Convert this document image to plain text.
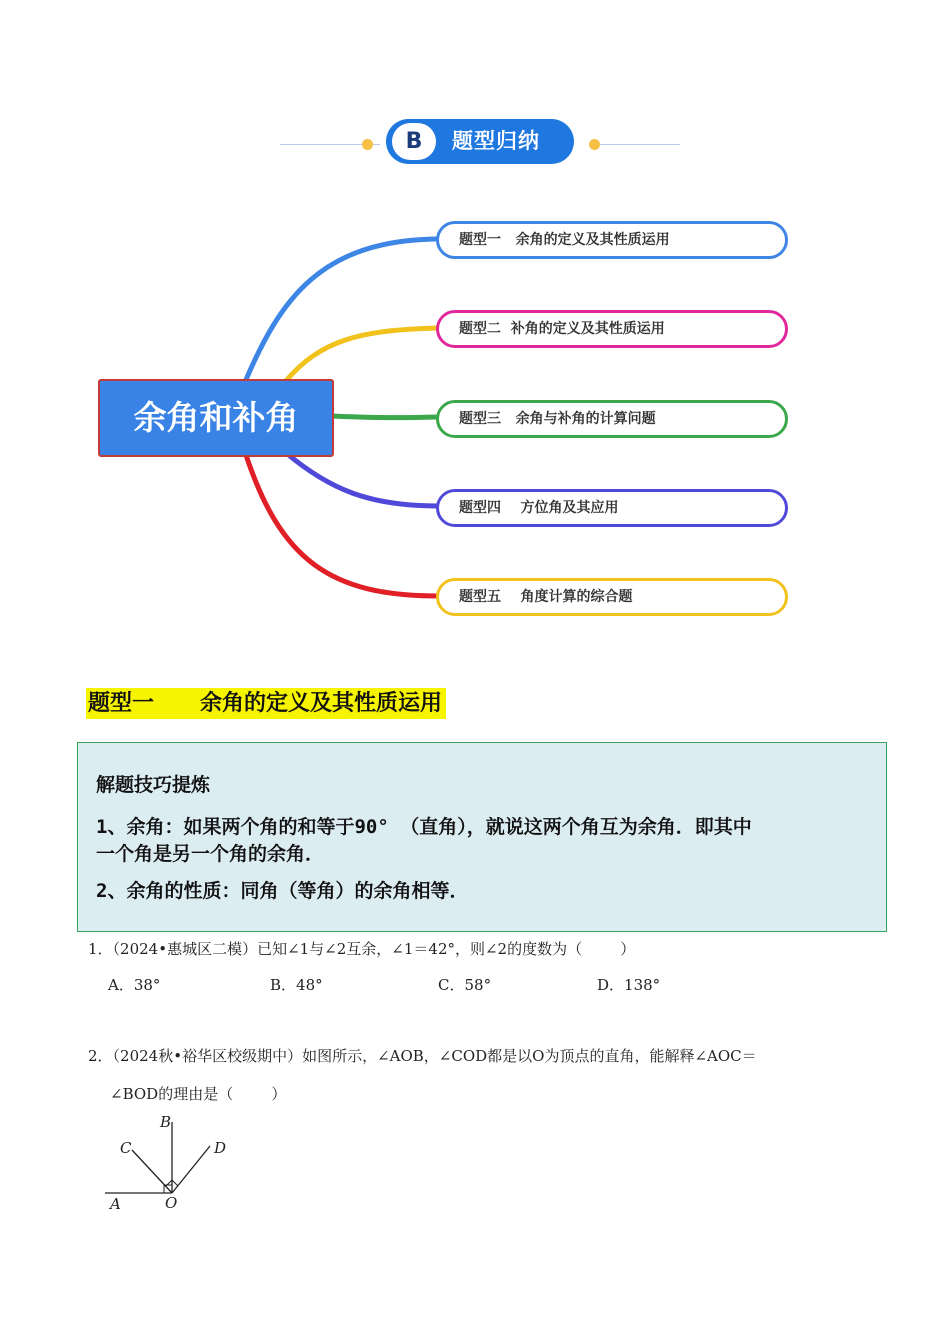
B	题型归纳
余角和补角
题型一   余角的定义及其性质运用
题型二  补角的定义及其性质运用
题型三   余角与补角的计算问题
题型四    方位角及其应用
题型五    角度计算的综合题
题型一      余角的定义及其性质运用
解题技巧提炼
1、余角：如果两个角的和等于90° （直角），就说这两个角互为余角．即其中
一个角是另一个角的余角．
2、余角的性质：同角（等角）的余角相等．
1．（2024•惠城区二模）已知∠1与∠2互余，∠1＝42°，则∠2的度数为（        ）
A．38°	B．48°	C．58°	D．138°
2．（2024秋•裕华区校级期中）如图所示，∠AOB，∠COD都是以O为顶点的直角，能解释∠AOC＝
∠BOD的理由是（        ）
B
C	D
A	O
